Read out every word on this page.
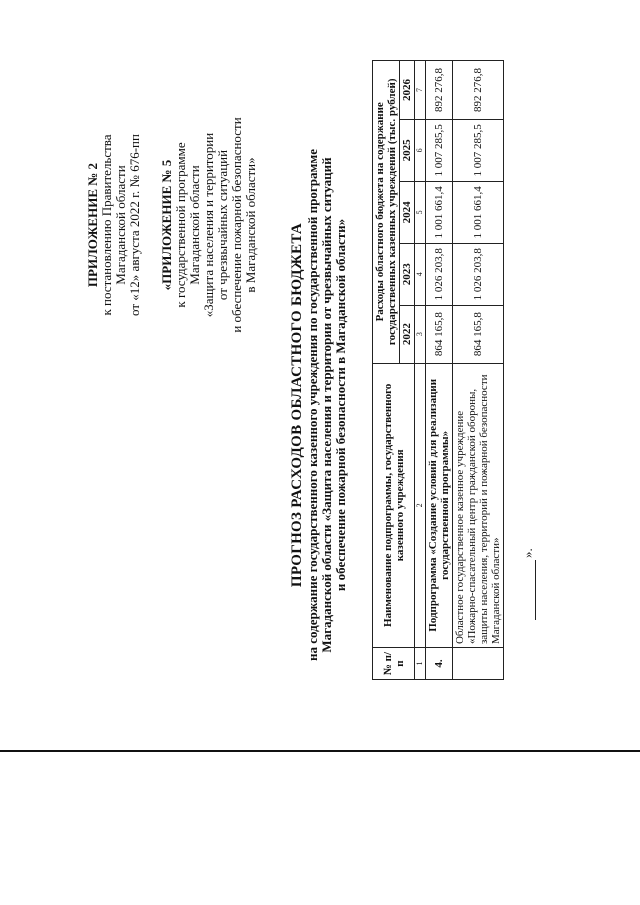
ПРИЛОЖЕНИЕ № 2 к постановлению Правительства Магаданской области от «12» августа 2022 г. № 676-пп «ПРИЛОЖЕНИЕ № 5 к государственной программе Магаданской области «Защита населения и территории от чрезвычайных ситуаций и обеспечение пожарной безопасности в Магаданской области» ПРОГНОЗ РАСХОДОВ ОБЛАСТНОГО БЮДЖЕТА на содержание государственного казенного учреждения по государственной программе Магаданской области «Защита населения и территории от чрезвычайных ситуаций и обеспечение пожарной безопасности в Магаданской области»
№ п/п	Наименование подпрограммы, государственного казенного учреждения	Расходы областного бюджета на содержание государственных казенных учреждений (тыс. рублей)				
		2022	2023	2024	2025	2026
1	2	3	4	5	6	7
4.	Подпрограмма «Создание условий для реализации государственной программы»	864 165,8	1 026 203,8	1 001 661,4	1 007 285,5	892 276,8
	Областное государственное казенное учреждение «Пожарно-спасательный центр гражданской обороны, защиты населения, территорий и пожарной безопасности Магаданской области»	864 165,8	1 026 203,8	1 001 661,4	1 007 285,5	892 276,8
».
